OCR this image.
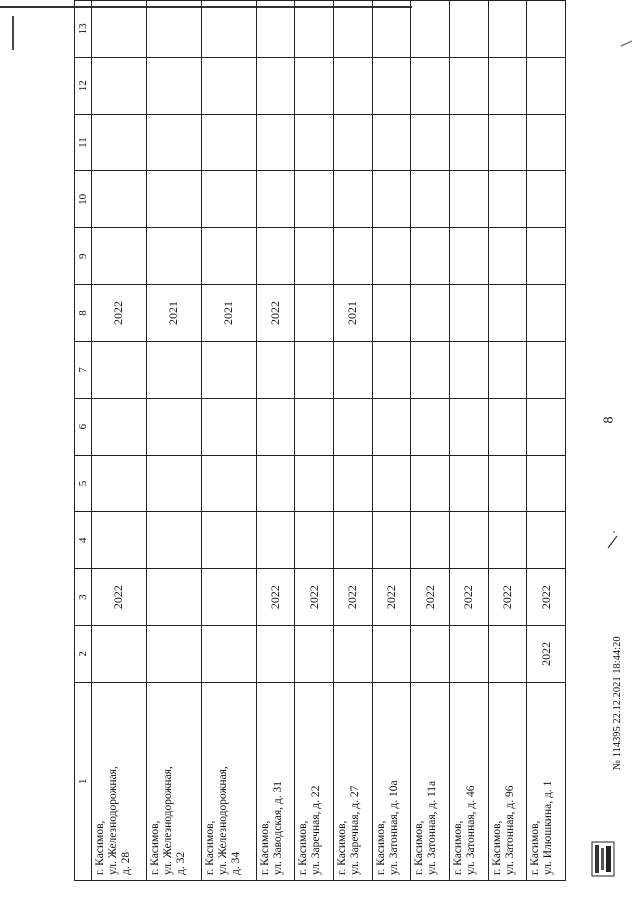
8
1	2	3	4	5	6	7	8	9	10	11	12	13

г. Касимов, ул. Железнодорожная, д. 28		2022					2022					

г. Касимов, ул. Железнодорожная, д. 32							2021					

г. Касимов, ул. Железнодорожная, д. 34							2021					

г. Касимов, ул. Заводская, д. 31		2022					2022					

г. Касимов, ул. Заречная, д. 22		2022										

г. Касимов, ул. Заречная, д. 27		2022					2021					

г. Касимов, ул. Затонная, д. 10а		2022										

г. Касимов, ул. Затонная, д. 11а		2022										

г. Касимов, ул. Затонная, д. 46		2022										

г. Касимов, ул. Затонная, д. 96		2022										

г. Касимов, ул. Илюшкина, д. 1	2022	2022										
№ 114395 22.12.2021 18:44:20
